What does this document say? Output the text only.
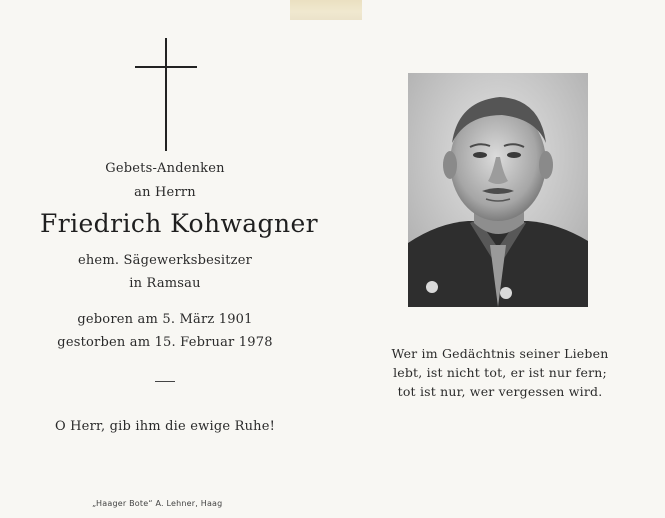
Gebets-Andenken
an Herrn
Friedrich Kohwagner
ehem. Sägewerksbesitzer
in Ramsau
geboren am 5. März 1901
gestorben am 15. Februar 1978
O Herr, gib ihm die ewige Ruhe!
„Haager Bote“ A. Lehner, Haag
Wer im Gedächtnis seiner Lieben
lebt, ist nicht tot, er ist nur fern;
tot ist nur, wer vergessen wird.
